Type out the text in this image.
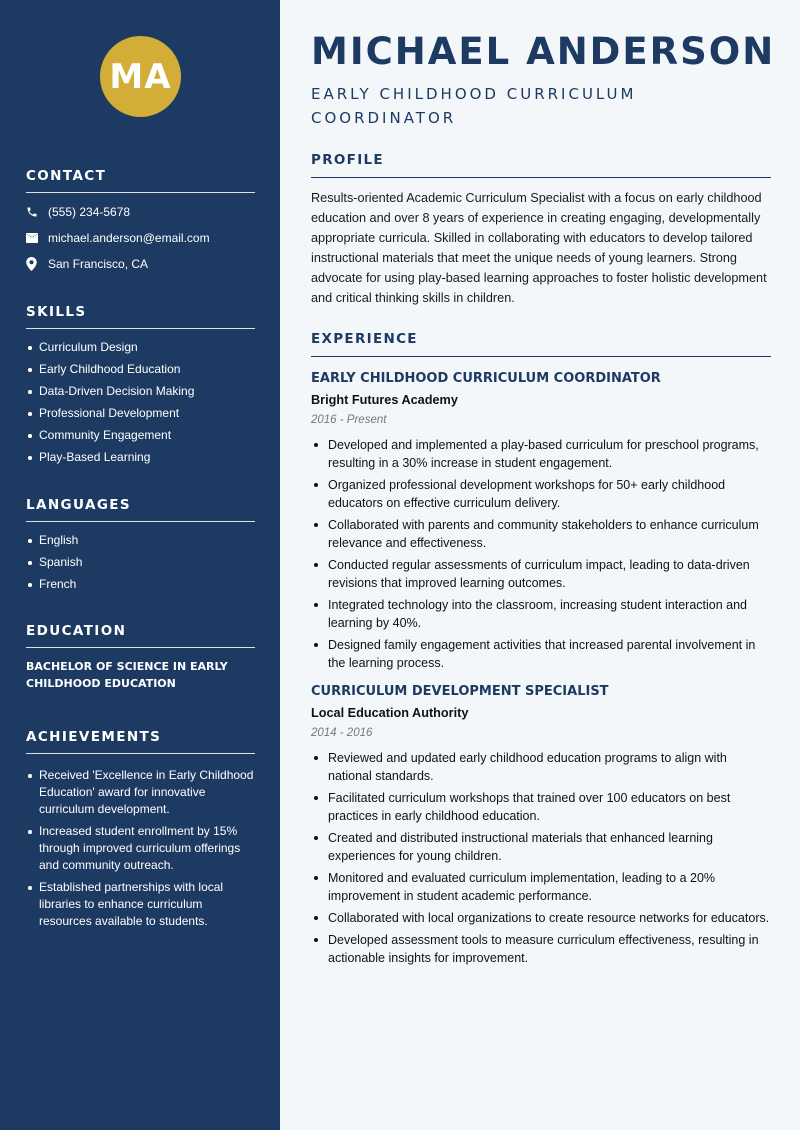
MA
CONTACT
(555) 234-5678
michael.anderson@email.com
San Francisco, CA
SKILLS
Curriculum Design
Early Childhood Education
Data-Driven Decision Making
Professional Development
Community Engagement
Play-Based Learning
LANGUAGES
English
Spanish
French
EDUCATION
BACHELOR OF SCIENCE IN EARLY CHILDHOOD EDUCATION
ACHIEVEMENTS
Received 'Excellence in Early Childhood Education' award for innovative curriculum development.
Increased student enrollment by 15% through improved curriculum offerings and community outreach.
Established partnerships with local libraries to enhance curriculum resources available to students.
MICHAEL ANDERSON
EARLY CHILDHOOD CURRICULUM COORDINATOR
PROFILE
Results-oriented Academic Curriculum Specialist with a focus on early childhood education and over 8 years of experience in creating engaging, developmentally appropriate curricula. Skilled in collaborating with educators to develop tailored instructional materials that meet the unique needs of young learners. Strong advocate for using play-based learning approaches to foster holistic development and critical thinking skills in children.
EXPERIENCE
EARLY CHILDHOOD CURRICULUM COORDINATOR
Bright Futures Academy
2016 - Present
Developed and implemented a play-based curriculum for preschool programs, resulting in a 30% increase in student engagement.
Organized professional development workshops for 50+ early childhood educators on effective curriculum delivery.
Collaborated with parents and community stakeholders to enhance curriculum relevance and effectiveness.
Conducted regular assessments of curriculum impact, leading to data-driven revisions that improved learning outcomes.
Integrated technology into the classroom, increasing student interaction and learning by 40%.
Designed family engagement activities that increased parental involvement in the learning process.
CURRICULUM DEVELOPMENT SPECIALIST
Local Education Authority
2014 - 2016
Reviewed and updated early childhood education programs to align with national standards.
Facilitated curriculum workshops that trained over 100 educators on best practices in early childhood education.
Created and distributed instructional materials that enhanced learning experiences for young children.
Monitored and evaluated curriculum implementation, leading to a 20% improvement in student academic performance.
Collaborated with local organizations to create resource networks for educators.
Developed assessment tools to measure curriculum effectiveness, resulting in actionable insights for improvement.
